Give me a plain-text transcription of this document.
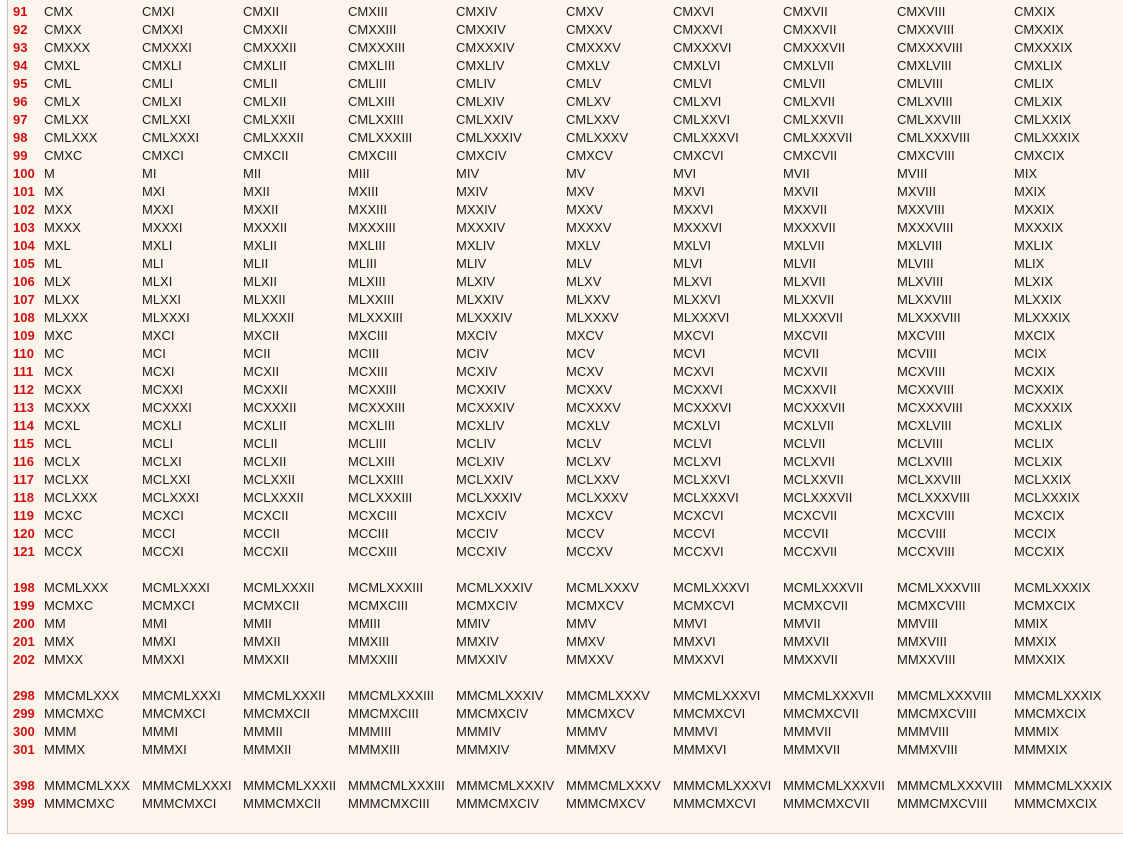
91	CMX	CMXI	CMXII	CMXIII	CMXIV	CMXV	CMXVI	CMXVII	CMXVIII	CMXIX
92	CMXX	CMXXI	CMXXII	CMXXIII	CMXXIV	CMXXV	CMXXVI	CMXXVII	CMXXVIII	CMXXIX
93	CMXXX	CMXXXI	CMXXXII	CMXXXIII	CMXXXIV	CMXXXV	CMXXXVI	CMXXXVII	CMXXXVIII	CMXXXIX
94	CMXL	CMXLI	CMXLII	CMXLIII	CMXLIV	CMXLV	CMXLVI	CMXLVII	CMXLVIII	CMXLIX
95	CML	CMLI	CMLII	CMLIII	CMLIV	CMLV	CMLVI	CMLVII	CMLVIII	CMLIX
96	CMLX	CMLXI	CMLXII	CMLXIII	CMLXIV	CMLXV	CMLXVI	CMLXVII	CMLXVIII	CMLXIX
97	CMLXX	CMLXXI	CMLXXII	CMLXXIII	CMLXXIV	CMLXXV	CMLXXVI	CMLXXVII	CMLXXVIII	CMLXXIX
98	CMLXXX	CMLXXXI	CMLXXXII	CMLXXXIII	CMLXXXIV	CMLXXXV	CMLXXXVI	CMLXXXVII	CMLXXXVIII	CMLXXXIX
99	CMXC	CMXCI	CMXCII	CMXCIII	CMXCIV	CMXCV	CMXCVI	CMXCVII	CMXCVIII	CMXCIX
100	M	MI	MII	MIII	MIV	MV	MVI	MVII	MVIII	MIX
101	MX	MXI	MXII	MXIII	MXIV	MXV	MXVI	MXVII	MXVIII	MXIX
102	MXX	MXXI	MXXII	MXXIII	MXXIV	MXXV	MXXVI	MXXVII	MXXVIII	MXXIX
103	MXXX	MXXXI	MXXXII	MXXXIII	MXXXIV	MXXXV	MXXXVI	MXXXVII	MXXXVIII	MXXXIX
104	MXL	MXLI	MXLII	MXLIII	MXLIV	MXLV	MXLVI	MXLVII	MXLVIII	MXLIX
105	ML	MLI	MLII	MLIII	MLIV	MLV	MLVI	MLVII	MLVIII	MLIX
106	MLX	MLXI	MLXII	MLXIII	MLXIV	MLXV	MLXVI	MLXVII	MLXVIII	MLXIX
107	MLXX	MLXXI	MLXXII	MLXXIII	MLXXIV	MLXXV	MLXXVI	MLXXVII	MLXXVIII	MLXXIX
108	MLXXX	MLXXXI	MLXXXII	MLXXXIII	MLXXXIV	MLXXXV	MLXXXVI	MLXXXVII	MLXXXVIII	MLXXXIX
109	MXC	MXCI	MXCII	MXCIII	MXCIV	MXCV	MXCVI	MXCVII	MXCVIII	MXCIX
110	MC	MCI	MCII	MCIII	MCIV	MCV	MCVI	MCVII	MCVIII	MCIX
111	MCX	MCXI	MCXII	MCXIII	MCXIV	MCXV	MCXVI	MCXVII	MCXVIII	MCXIX
112	MCXX	MCXXI	MCXXII	MCXXIII	MCXXIV	MCXXV	MCXXVI	MCXXVII	MCXXVIII	MCXXIX
113	MCXXX	MCXXXI	MCXXXII	MCXXXIII	MCXXXIV	MCXXXV	MCXXXVI	MCXXXVII	MCXXXVIII	MCXXXIX
114	MCXL	MCXLI	MCXLII	MCXLIII	MCXLIV	MCXLV	MCXLVI	MCXLVII	MCXLVIII	MCXLIX
115	MCL	MCLI	MCLII	MCLIII	MCLIV	MCLV	MCLVI	MCLVII	MCLVIII	MCLIX
116	MCLX	MCLXI	MCLXII	MCLXIII	MCLXIV	MCLXV	MCLXVI	MCLXVII	MCLXVIII	MCLXIX
117	MCLXX	MCLXXI	MCLXXII	MCLXXIII	MCLXXIV	MCLXXV	MCLXXVI	MCLXXVII	MCLXXVIII	MCLXXIX
118	MCLXXX	MCLXXXI	MCLXXXII	MCLXXXIII	MCLXXXIV	MCLXXXV	MCLXXXVI	MCLXXXVII	MCLXXXVIII	MCLXXXIX
119	MCXC	MCXCI	MCXCII	MCXCIII	MCXCIV	MCXCV	MCXCVI	MCXCVII	MCXCVIII	MCXCIX
120	MCC	MCCI	MCCII	MCCIII	MCCIV	MCCV	MCCVI	MCCVII	MCCVIII	MCCIX
121	MCCX	MCCXI	MCCXII	MCCXIII	MCCXIV	MCCXV	MCCXVI	MCCXVII	MCCXVIII	MCCXIX

198	MCMLXXX	MCMLXXXI	MCMLXXXII	MCMLXXXIII	MCMLXXXIV	MCMLXXXV	MCMLXXXVI	MCMLXXXVII	MCMLXXXVIII	MCMLXXXIX
199	MCMXC	MCMXCI	MCMXCII	MCMXCIII	MCMXCIV	MCMXCV	MCMXCVI	MCMXCVII	MCMXCVIII	MCMXCIX
200	MM	MMI	MMII	MMIII	MMIV	MMV	MMVI	MMVII	MMVIII	MMIX
201	MMX	MMXI	MMXII	MMXIII	MMXIV	MMXV	MMXVI	MMXVII	MMXVIII	MMXIX
202	MMXX	MMXXI	MMXXII	MMXXIII	MMXXIV	MMXXV	MMXXVI	MMXXVII	MMXXVIII	MMXXIX

298	MMCMLXXX	MMCMLXXXI	MMCMLXXXII	MMCMLXXXIII	MMCMLXXXIV	MMCMLXXXV	MMCMLXXXVI	MMCMLXXXVII	MMCMLXXXVIII	MMCMLXXXIX
299	MMCMXC	MMCMXCI	MMCMXCII	MMCMXCIII	MMCMXCIV	MMCMXCV	MMCMXCVI	MMCMXCVII	MMCMXCVIII	MMCMXCIX
300	MMM	MMMI	MMMII	MMMIII	MMMIV	MMMV	MMMVI	MMMVII	MMMVIII	MMMIX
301	MMMX	MMMXI	MMMXII	MMMXIII	MMMXIV	MMMXV	MMMXVI	MMMXVII	MMMXVIII	MMMXIX

398	MMMCMLXXX	MMMCMLXXXI	MMMCMLXXXII	MMMCMLXXXIII	MMMCMLXXXIV	MMMCMLXXXV	MMMCMLXXXVI	MMMCMLXXXVII	MMMCMLXXXVIII	MMMCMLXXXIX
399	MMMCMXC	MMMCMXCI	MMMCMXCII	MMMCMXCIII	MMMCMXCIV	MMMCMXCV	MMMCMXCVI	MMMCMXCVII	MMMCMXCVIII	MMMCMXCIX
